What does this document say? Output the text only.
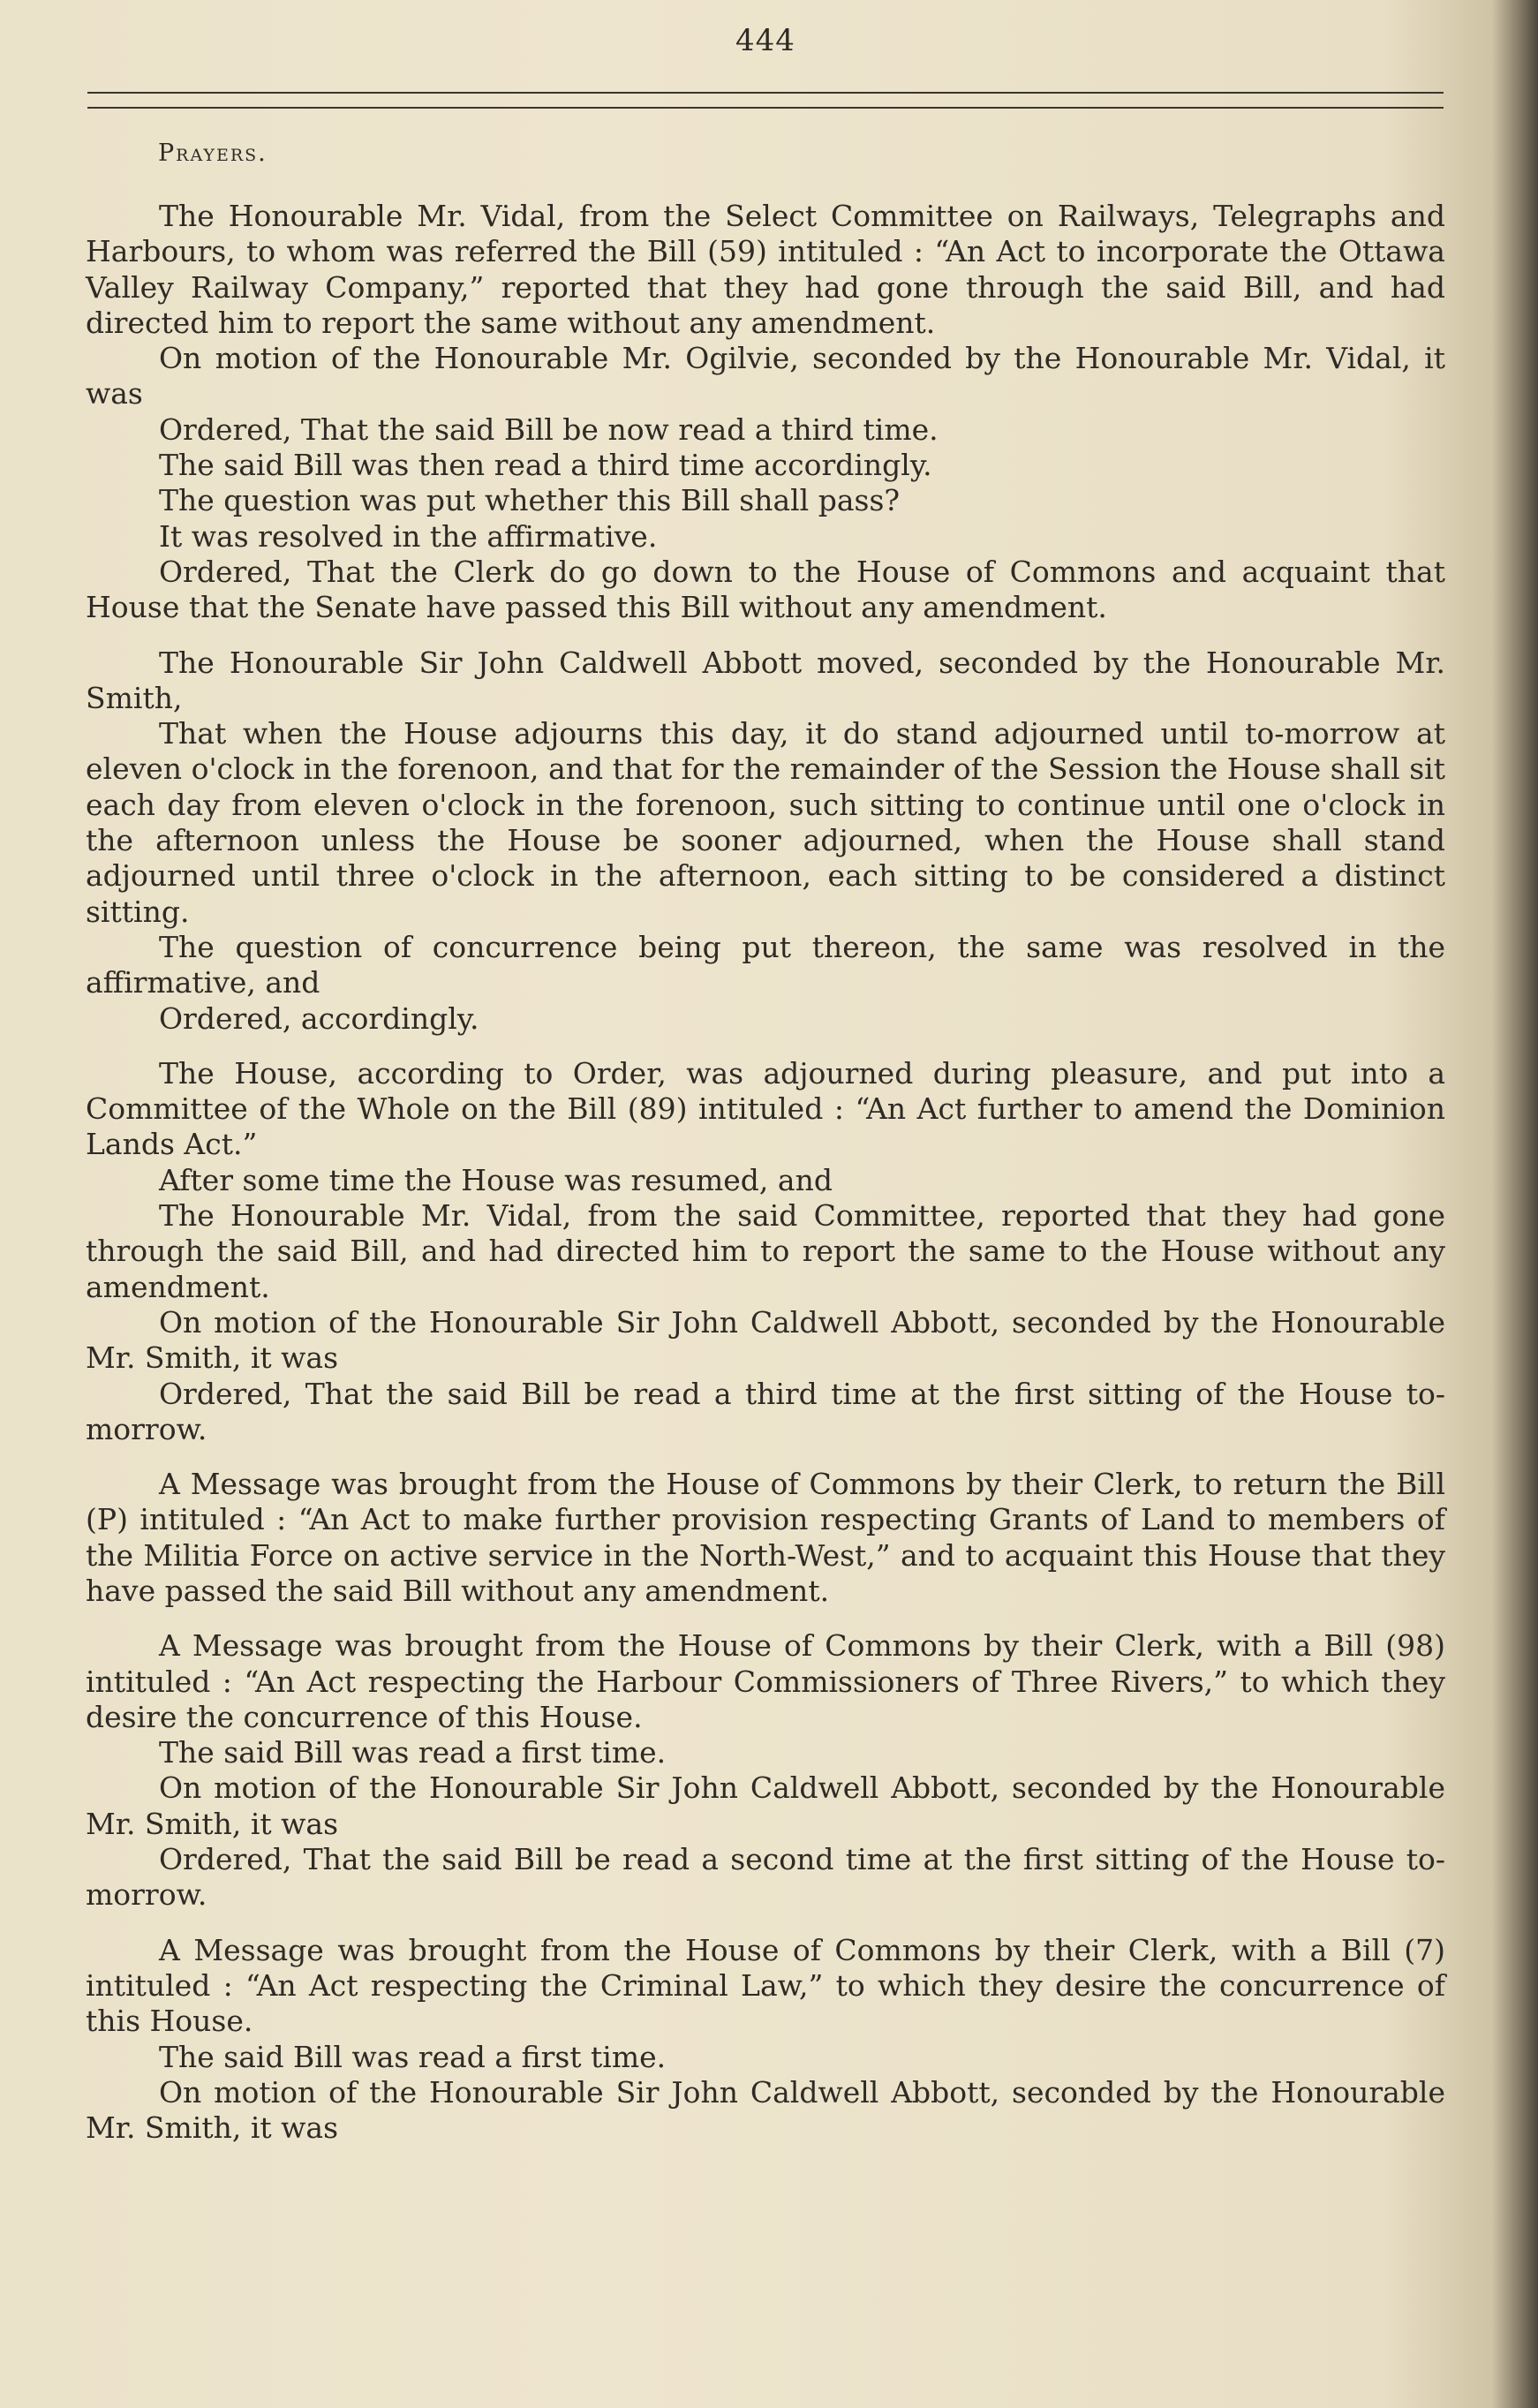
444
Prayers.

The Honourable Mr. Vidal, from the Select Committee on Railways, Telegraphs and Harbours, to whom was referred the Bill (59) intituled : “An Act to incorporate the Ottawa Valley Railway Company,” reported that they had gone through the said Bill, and had directed him to report the same without any amendment.

On motion of the Honourable Mr. Ogilvie, seconded by the Honourable Mr. Vidal, it was

Ordered, That the said Bill be now read a third time.

The said Bill was then read a third time accordingly.

The question was put whether this Bill shall pass?

It was resolved in the affirmative.

Ordered, That the Clerk do go down to the House of Commons and acquaint that House that the Senate have passed this Bill without any amendment.

The Honourable Sir John Caldwell Abbott moved, seconded by the Honourable Mr. Smith,

That when the House adjourns this day, it do stand adjourned until to-morrow at eleven o'clock in the forenoon, and that for the remainder of the Session the House shall sit each day from eleven o'clock in the forenoon, such sitting to continue until one o'clock in the afternoon unless the House be sooner adjourned, when the House shall stand adjourned until three o'clock in the afternoon, each sitting to be considered a distinct sitting.

The question of concurrence being put thereon, the same was resolved in the affirmative, and

Ordered, accordingly.

The House, according to Order, was adjourned during pleasure, and put into a Committee of the Whole on the Bill (89) intituled : “An Act further to amend the Dominion Lands Act.”

After some time the House was resumed, and

The Honourable Mr. Vidal, from the said Committee, reported that they had gone through the said Bill, and had directed him to report the same to the House without any amendment.

On motion of the Honourable Sir John Caldwell Abbott, seconded by the Honourable Mr. Smith, it was

Ordered, That the said Bill be read a third time at the first sitting of the House to-morrow.

A Message was brought from the House of Commons by their Clerk, to return the Bill (P) intituled : “An Act to make further provision respecting Grants of Land to members of the Militia Force on active service in the North-West,” and to acquaint this House that they have passed the said Bill without any amendment.

A Message was brought from the House of Commons by their Clerk, with a Bill (98) intituled : “An Act respecting the Harbour Commissioners of Three Rivers,” to which they desire the concurrence of this House.

The said Bill was read a first time.

On motion of the Honourable Sir John Caldwell Abbott, seconded by the Honourable Mr. Smith, it was

Ordered, That the said Bill be read a second time at the first sitting of the House to-morrow.

A Message was brought from the House of Commons by their Clerk, with a Bill (7) intituled : “An Act respecting the Criminal Law,” to which they desire the concurrence of this House.

The said Bill was read a first time.

On motion of the Honourable Sir John Caldwell Abbott, seconded by the Honourable Mr. Smith, it was
